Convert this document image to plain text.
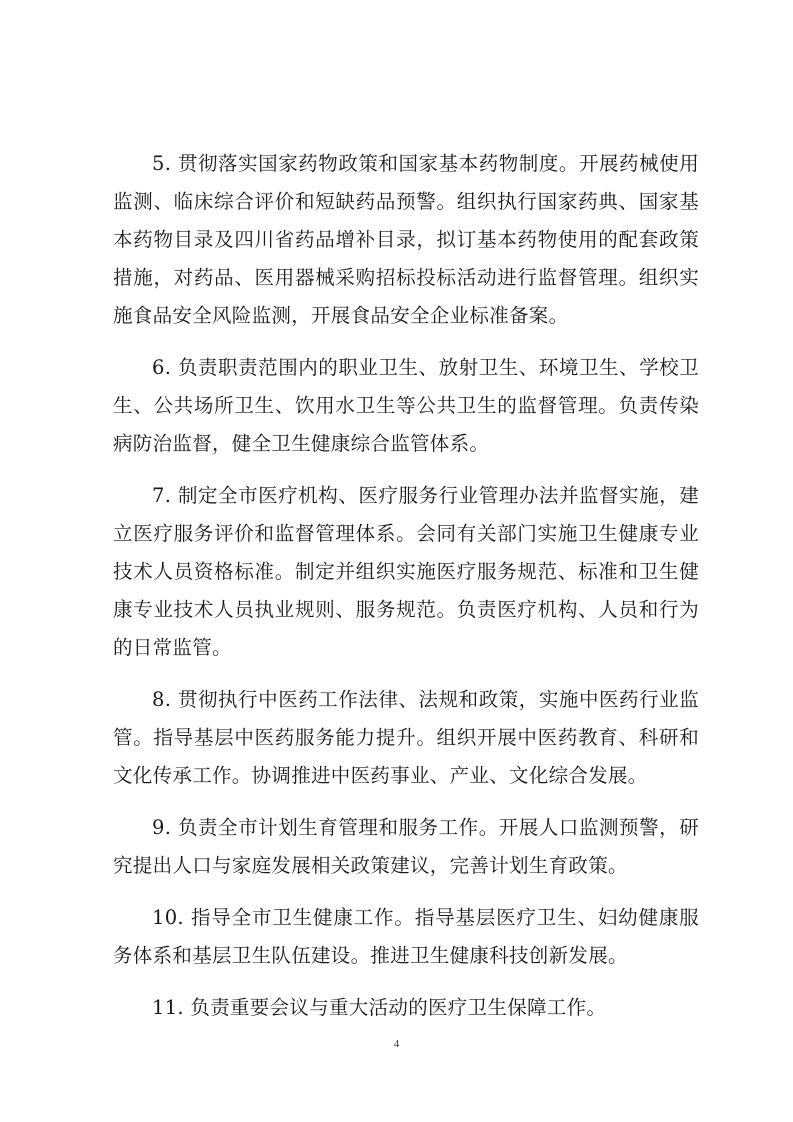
5. 贯彻落实国家药物政策和国家基本药物制度。开展药械使用监测、临床综合评价和短缺药品预警。组织执行国家药典、国家基本药物目录及四川省药品增补目录，拟订基本药物使用的配套政策措施，对药品、医用器械采购招标投标活动进行监督管理。组织实施食品安全风险监测，开展食品安全企业标准备案。

6. 负责职责范围内的职业卫生、放射卫生、环境卫生、学校卫生、公共场所卫生、饮用水卫生等公共卫生的监督管理。负责传染病防治监督，健全卫生健康综合监管体系。

7. 制定全市医疗机构、医疗服务行业管理办法并监督实施，建立医疗服务评价和监督管理体系。会同有关部门实施卫生健康专业技术人员资格标准。制定并组织实施医疗服务规范、标准和卫生健康专业技术人员执业规则、服务规范。负责医疗机构、人员和行为的日常监管。

8. 贯彻执行中医药工作法律、法规和政策，实施中医药行业监管。指导基层中医药服务能力提升。组织开展中医药教育、科研和文化传承工作。协调推进中医药事业、产业、文化综合发展。

9. 负责全市计划生育管理和服务工作。开展人口监测预警，研究提出人口与家庭发展相关政策建议，完善计划生育政策。

10. 指导全市卫生健康工作。指导基层医疗卫生、妇幼健康服务体系和基层卫生队伍建设。推进卫生健康科技创新发展。

11. 负责重要会议与重大活动的医疗卫生保障工作。

4
